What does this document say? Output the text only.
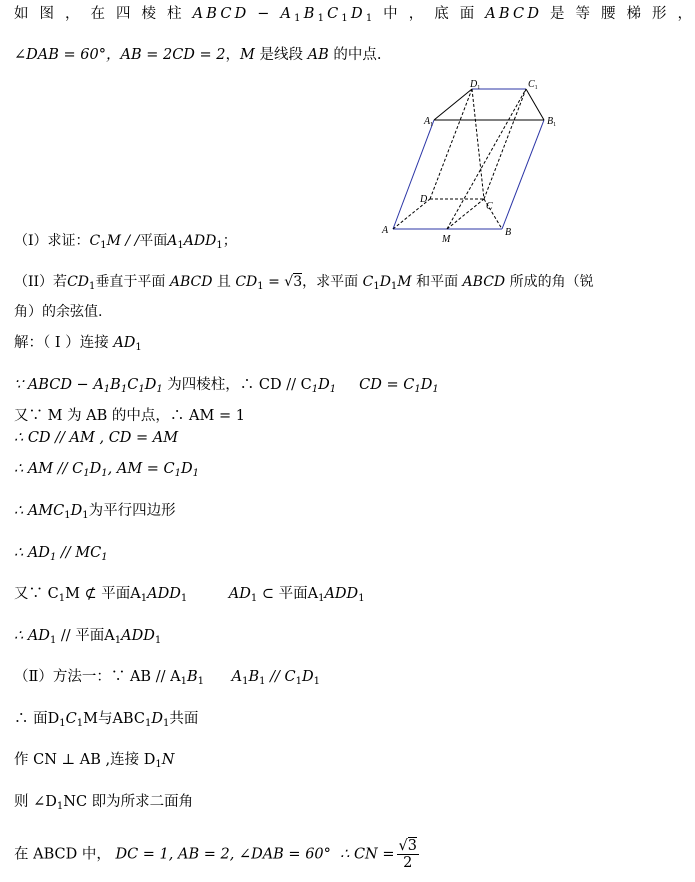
如 图 ， 在 四 棱 柱 ABCD − $A_1B_1C_1D_1$ 中 ， 底 面 ABCD 是 等 腰 梯 形 ，
∠DAB = 60°，AB = 2CD = 2，M 是线段 AB 的中点.
A	B
M
D
C
$A_1$	$B_1$
$D_1$	$C_1$
（I）求证：$C_1M$ / /平面$A_1ADD_1$；
（II）若$CD_1$垂直于平面 ABCD 且 $CD_1 = √3$，求平面 $C_1D_1M$ 和平面 ABCD 所成的角（锐
角）的余弦值.
解：（ I ）连接 $AD_1$
∵ ABCD − $A_1B_1C_1D_1$ 为四棱柱，∴ CD // $C_1D_1$ CD = $C_1D_1$
又∵ M 为 AB 的中点，∴ AM = 1
∴ CD // AM , CD = AM
∴ AM // $C_1D_1$, AM = $C_1D_1$
∴ $AMC_1D_1$为平行四边形
∴ $AD_1 // MC_1$
又∵ $C_1M$ ⊄ 平面$A_1ADD_1$	$AD_1$ ⊂ 平面$A_1ADD_1$
∴ $AD_1$ // 平面$A_1ADD_1$
（Ⅱ）方法一：∵ AB // $A_1B_1$ $A_1B_1 // C_1D_1$
∴ 面$D_1C_1M$与$ABC_1D_1$共面
作 CN ⊥ AB ,连接 $D_1N$
则 $\angle D_1NC$ 即为所求二面角
在 ABCD 中， DC = 1, AB = 2, ∠DAB = 60° ∴ CN = $\frac{√3}{2}$
